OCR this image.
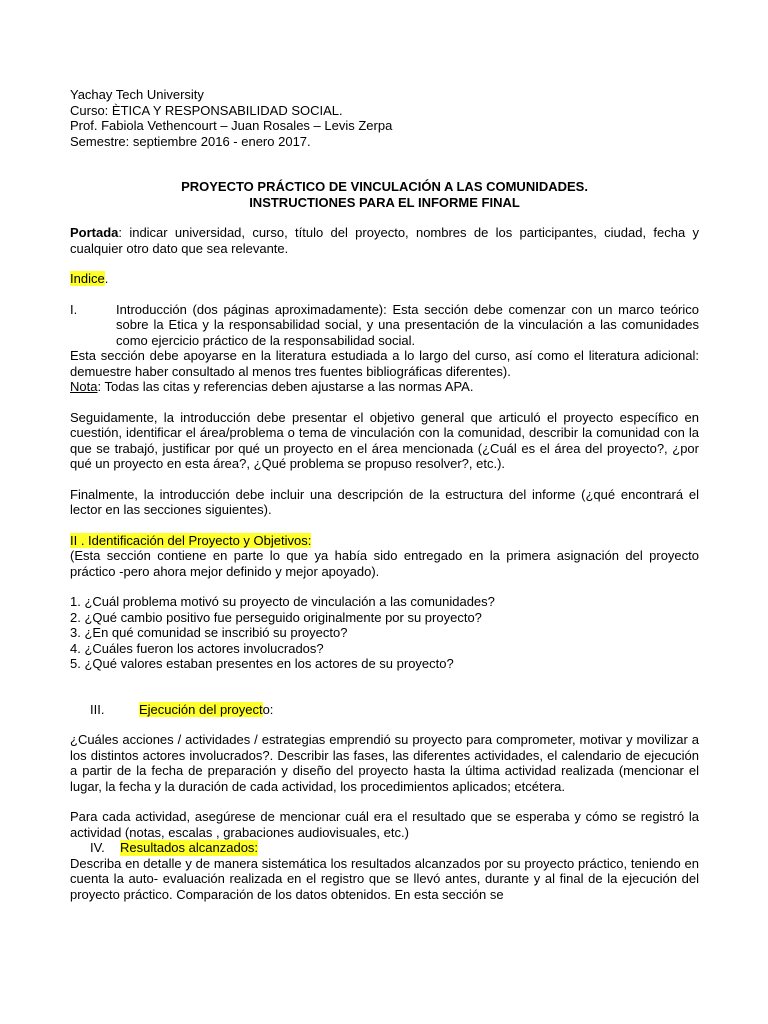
Yachay Tech University
Curso: ÈTICA Y RESPONSABILIDAD SOCIAL.
Prof. Fabiola Vethencourt – Juan Rosales – Levis Zerpa
Semestre: septiembre 2016 - enero 2017.
PROYECTO PRÁCTICO DE VINCULACIÓN A LAS COMUNIDADES.
INSTRUCTIONES PARA EL INFORME FINAL

Portada: indicar universidad, curso, título del proyecto, nombres de los participantes, ciudad, fecha y cualquier otro dato que sea relevante.

Indice.

I.	Introducción (dos páginas aproximadamente): Esta sección debe comenzar con un marco teórico sobre la Etica y la responsabilidad social, y una presentación de la vinculación a las comunidades como ejercicio práctico de la responsabilidad social.

Esta sección debe apoyarse en la literatura estudiada a lo largo del curso, así como el literatura adicional: demuestre haber consultado al menos tres fuentes bibliográficas diferentes).

Nota: Todas las citas y referencias deben ajustarse a las normas APA.

Seguidamente, la introducción debe presentar el objetivo general que articuló el proyecto específico en cuestión, identificar el área/problema o tema de vinculación con la comunidad, describir la comunidad con la que se trabajó, justificar por qué un proyecto en el área mencionada (¿Cuál es el área del proyecto?, ¿por qué un proyecto en esta área?, ¿Qué problema se propuso resolver?, etc.).

Finalmente, la introducción debe incluir una descripción de la estructura del informe (¿qué encontrará el lector en las secciones siguientes).

II . Identificación del Proyecto y Objetivos:

(Esta sección contiene en parte lo que ya había sido entregado en la primera asignación del proyecto práctico -pero ahora mejor definido y mejor apoyado).

1. ¿Cuál problema motivó su proyecto de vinculación a las comunidades?
2. ¿Qué cambio positivo fue perseguido originalmente por su proyecto?
3. ¿En qué comunidad se inscribió su proyecto?
4. ¿Cuáles fueron los actores involucrados?
5. ¿Qué valores estaban presentes en los actores de su proyecto?
III.	Ejecución del proyecto:

¿Cuáles acciones / actividades / estrategias emprendió su proyecto para comprometer, motivar y movilizar a los distintos actores involucrados?. Describir las fases, las diferentes actividades, el calendario de ejecución a partir de la fecha de preparación y diseño del proyecto hasta la última actividad realizada (mencionar el lugar, la fecha y la duración de cada actividad, los procedimientos aplicados; etcétera.

Para cada actividad, asegúrese de mencionar cuál era el resultado que se esperaba y cómo se registró la actividad (notas, escalas , grabaciones audiovisuales, etc.)

IV.	Resultados alcanzados:

Describa en detalle y de manera sistemática los resultados alcanzados por su proyecto práctico, teniendo en cuenta la auto- evaluación realizada en el registro que se llevó antes, durante y al final de la ejecución del proyecto práctico. Comparación de los datos obtenidos. En esta sección se
